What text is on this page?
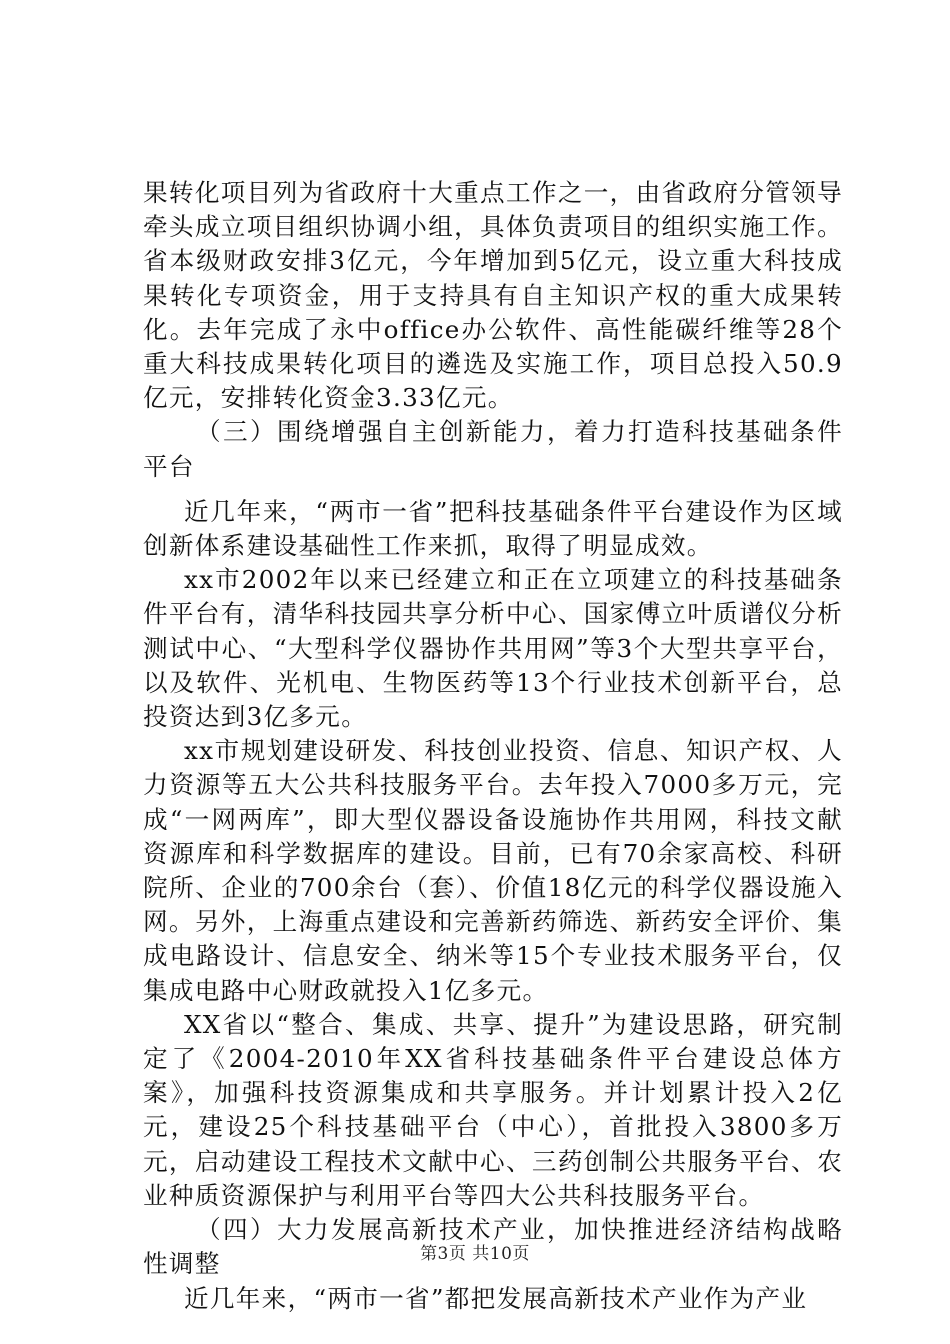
果转化项目列为省政府十大重点工作之一，由省政府分管领导牵头成立项目组织协调小组，具体负责项目的组织实施工作。省本级财政安排3亿元，今年增加到5亿元，设立重大科技成果转化专项资金，用于支持具有自主知识产权的重大成果转化。去年完成了永中office办公软件、高性能碳纤维等28个重大科技成果转化项目的遴选及实施工作，项目总投入50.9亿元，安排转化资金3.33亿元。

（三）围绕增强自主创新能力，着力打造科技基础条件平台

近几年来，“两市一省”把科技基础条件平台建设作为区域创新体系建设基础性工作来抓，取得了明显成效。

xx市2002年以来已经建立和正在立项建立的科技基础条件平台有，清华科技园共享分析中心、国家傅立叶质谱仪分析测试中心、“大型科学仪器协作共用网”等3个大型共享平台，以及软件、光机电、生物医药等13个行业技术创新平台，总投资达到3亿多元。

xx市规划建设研发、科技创业投资、信息、知识产权、人力资源等五大公共科技服务平台。去年投入7000多万元，完成“一网两库”，即大型仪器设备设施协作共用网，科技文献资源库和科学数据库的建设。目前，已有70余家高校、科研院所、企业的700余台（套）、价值18亿元的科学仪器设施入网。另外，上海重点建设和完善新药筛选、新药安全评价、集成电路设计、信息安全、纳米等15个专业技术服务平台，仅集成电路中心财政就投入1亿多元。

XX省以“整合、集成、共享、提升”为建设思路，研究制定了《2004-2010年XX省科技基础条件平台建设总体方案》，加强科技资源集成和共享服务。并计划累计投入2亿元，建设25个科技基础平台（中心），首批投入3800多万元，启动建设工程技术文献中心、三药创制公共服务平台、农业种质资源保护与利用平台等四大公共科技服务平台。

（四）大力发展高新技术产业，加快推进经济结构战略性调整

近几年来，“两市一省”都把发展高新技术产业作为产业

第3页 共10页
